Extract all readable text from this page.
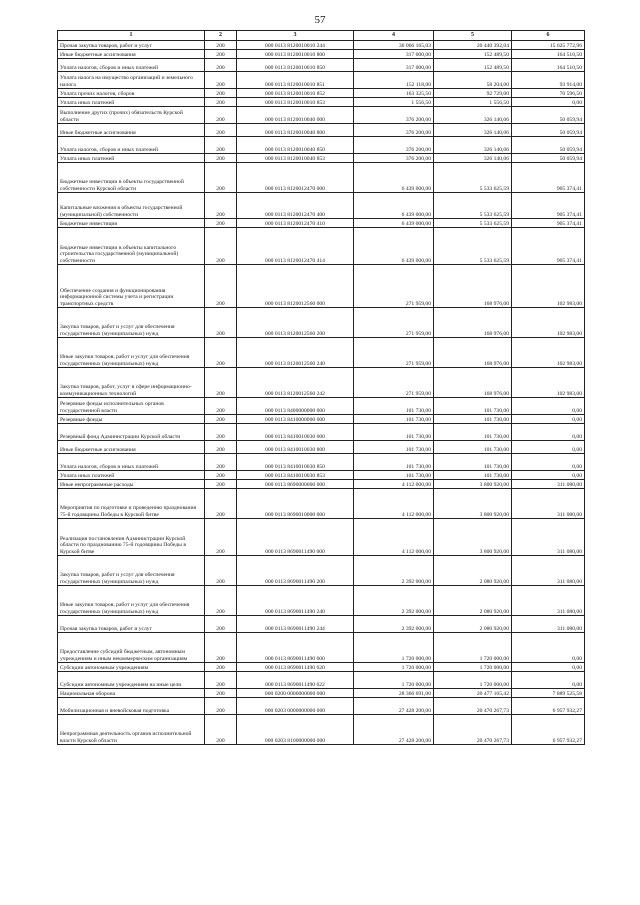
57
1	2	3	4	5	6
Прочая закупка товаров, работ и услуг	200	000 0113 8120010010 244	36 066 165,03	20 440 392,04	15 625 772,96
Иные бюджетные ассигнования	200	000 0113 8120010010 800	317 000,00	152 489,50	164 510,50
Уплата налогов, сборов и иных платежей	200	000 0113 8120010010 850	317 000,00	152 489,50	164 510,50
Уплата налога на имущество организаций и земельного налога	200	000 0113 8120010010 851	152 118,00	58 204,00	93 914,00
Уплата прочих налогов, сборов	200	000 0113 8120010010 852	163 325,50	92 729,00	70 596,50
Уплата иных платежей	200	000 0113 8120010010 853	1 556,50	1 556,50	0,00
Выполнение других (прочих) обязательств Курской области	200	000 0113 8120010040 000	376 200,00	326 140,06	50 059,94
Иные бюджетные ассигнования	200	000 0113 8120010040 800	376 200,00	326 140,06	50 059,94
Уплата налогов, сборов и иных платежей	200	000 0113 8120010040 850	376 200,00	326 140,06	50 059,94
Уплата иных платежей	200	000 0113 8120010040 853	376 200,00	326 140,06	50 059,94
Бюджетные инвестиции в объекты государственной собственности Курской области	200	000 0113 8120012470 000	6 439 000,00	5 533 625,59	905 374,41
Капитальные вложения в объекты государственной (муниципальной) собственности	200	000 0113 8120012470 400	6 439 000,00	5 533 625,59	905 374,41
Бюджетные инвестиции	200	000 0113 8120012470 410	6 439 000,00	5 533 625,59	905 374,41
Бюджетные инвестиции в объекты капитального строительства государственной (муниципальной) собственности	200	000 0113 8120012470 414	6 439 000,00	5 533 625,59	905 374,41
Обеспечение создания и функционирования информационной системы учета и регистрации транспортных средств	200	000 0113 8120012560 000	271 959,00	168 976,00	102 983,00
Закупка товаров, работ и услуг для обеспечения государственных (муниципальных) нужд	200	000 0113 8120012560 200	271 959,00	168 976,00	102 983,00
Иные закупки товаров, работ и услуг для обеспечения государственных (муниципальных) нужд	200	000 0113 8120012560 240	271 959,00	168 976,00	102 983,00
Закупка товаров, работ, услуг в сфере информационно-коммуникационных технологий	200	000 0113 8120012560 242	271 959,00	168 976,00	102 983,00
Резервные фонды исполнительных органов государственной власти	200	000 0113 8400000000 000	101 730,00	101 730,00	0,00
Резервные фонды	200	000 0113 8410000000 000	101 730,00	101 730,00	0,00
Резервный фонд Администрации Курской области	200	000 0113 8410010030 000	101 730,00	101 730,00	0,00
Иные бюджетные ассигнования	200	000 0113 8410010030 800	101 730,00	101 730,00	0,00
Уплата налогов, сборов и иных платежей	200	000 0113 8410010030 850	101 730,00	101 730,00	0,00
Уплата иных платежей	200	000 0113 8410010030 853	101 730,00	101 730,00	0,00
Иные непрограммные расходы	200	000 0113 8690000000 000	4 112 000,00	3 800 920,00	311 080,00
Мероприятия по подготовке и проведению празднования 75-й годовщины Победы в Курской битве	200	000 0113 8690010000 000	4 112 000,00	3 800 920,00	311 080,00
Реализация постановления Администрации Курской области по празднованию 75-й годовщины Победы в Курской битве	200	000 0113 8690011490 000	4 112 000,00	3 800 920,00	311 080,00
Закупка товаров, работ и услуг для обеспечения государственных (муниципальных) нужд	200	000 0113 8690011490 200	2 392 000,00	2 080 920,00	311 080,00
Иные закупки товаров, работ и услуг для обеспечения государственных (муниципальных) нужд	200	000 0113 8690011490 240	2 392 000,00	2 080 920,00	311 080,00
Прочая закупка товаров, работ и услуг	200	000 0113 8690011490 244	2 392 000,00	2 080 920,00	311 080,00
Предоставление субсидий бюджетным, автономным учреждениям и иным некоммерческим организациям	200	000 0113 8690011490 600	1 720 000,00	1 720 000,00	0,00
Субсидии автономным учреждениям	200	000 0113 8690011490 620	1 720 000,00	1 720 000,00	0,00
Субсидии автономным учреждениям на иные цели	200	000 0113 8690011490 622	1 720 000,00	1 720 000,00	0,00
Национальная оборона	200	000 0200 0000000000 000	28 366 691,00	20 477 165,42	7 889 525,58
Мобилизационная и вневойсковая подготовка	200	000 0203 0000000000 000	27 428 200,00	20 470 267,73	6 957 932,27
Непрограммная деятельность органов исполнительной власти Курской области	200	000 0203 8100000000 000	27 428 200,00	20 470 267,73	6 957 932,27
